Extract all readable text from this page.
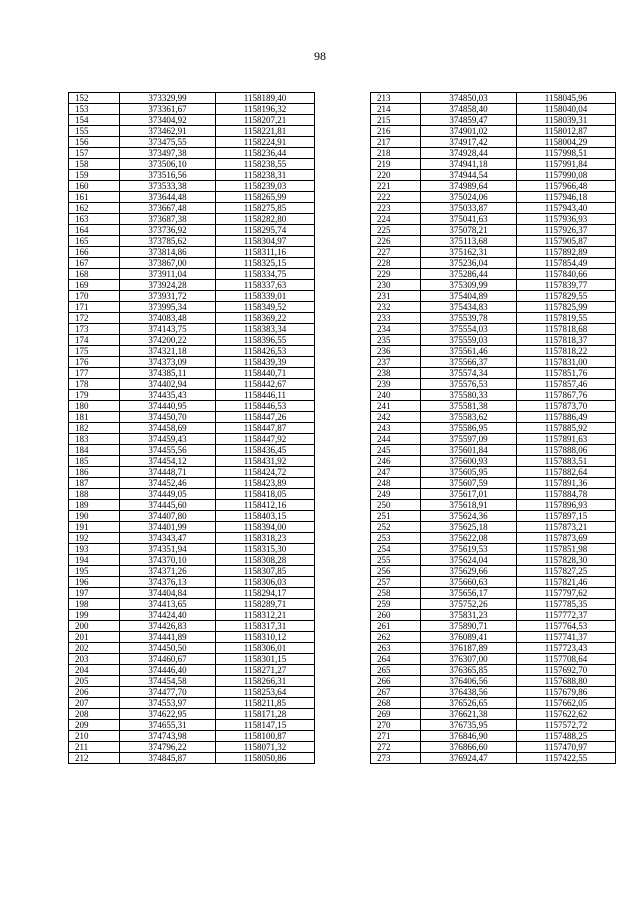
98
152	373329,99	1158189,40
153	373361,67	1158196,32
154	373404,92	1158207,21
155	373462,91	1158221,81
156	373475,55	1158224,91
157	373497,38	1158236,44
158	373506,10	1158238,55
159	373516,56	1158238,31
160	373533,38	1158239,03
161	373644,48	1158265,99
162	373667,48	1158275,85
163	373687,38	1158282,80
164	373736,92	1158295,74
165	373785,62	1158304,97
166	373814,86	1158311,16
167	373867,00	1158325,15
168	373911,04	1158334,75
169	373924,28	1158337,63
170	373931,72	1158339,01
171	373995,34	1158349,52
172	374083,48	1158369,22
173	374143,75	1158383,34
174	374200,22	1158396,55
175	374321,18	1158426,53
176	374373,09	1158439,39
177	374385,11	1158440,71
178	374402,94	1158442,67
179	374435,43	1158446,11
180	374440,95	1158446,53
181	374450,70	1158447,26
182	374458,69	1158447,87
183	374459,43	1158447,92
184	374455,56	1158436,45
185	374454,12	1158431,92
186	374448,71	1158424,72
187	374452,46	1158423,89
188	374449,05	1158418,05
189	374445,60	1158412,16
190	374407,80	1158403,15
191	374401,99	1158394,00
192	374343,47	1158318,23
193	374351,94	1158315,30
194	374370,10	1158308,28
195	374371,26	1158307,85
196	374376,13	1158306,03
197	374404,84	1158294,17
198	374413,65	1158289,71
199	374424,40	1158312,21
200	374426,83	1158317,31
201	374441,89	1158310,12
202	374450,50	1158306,01
203	374460,67	1158301,15
204	374446,40	1158271,27
205	374454,58	1158266,31
206	374477,70	1158253,64
207	374553,97	1158211,85
208	374622,95	1158171,28
209	374655,31	1158147,15
210	374743,98	1158100,87
211	374796,22	1158071,32
212	374845,87	1158050,86
213	374850,03	1158045,96
214	374858,40	1158040,04
215	374859,47	1158039,31
216	374901,02	1158012,87
217	374917,42	1158004,29
218	374928,44	1157998,51
219	374941,18	1157991,84
220	374944,54	1157990,08
221	374989,64	1157966,48
222	375024,06	1157946,18
223	375033,87	1157943,40
224	375041,63	1157936,93
225	375078,21	1157926,37
226	375113,68	1157905,87
227	375162,31	1157892,89
228	375236,04	1157854,49
229	375286,44	1157840,66
230	375309,99	1157839,77
231	375404,89	1157829,55
232	375434,83	1157825,99
233	375539,78	1157819,55
234	375554,03	1157818,68
235	375559,03	1157818,37
236	375561,46	1157818,22
237	375566,37	1157831,00
238	375574,34	1157851,76
239	375576,53	1157857,46
240	375580,33	1157867,76
241	375581,38	1157873,70
242	375583,62	1157886,49
243	375586,95	1157885,92
244	375597,09	1157891,63
245	375601,84	1157888,06
246	375600,93	1157883,51
247	375605,95	1157882,64
248	375607,59	1157891,36
249	375617,01	1157884,78
250	375618,91	1157896,93
251	375624,36	1157897,15
252	375625,18	1157873,21
253	375622,08	1157873,69
254	375619,53	1157851,98
255	375624,04	1157828,30
256	375629,66	1157827,25
257	375660,63	1157821,46
258	375656,17	1157797,62
259	375752,26	1157785,35
260	375831,23	1157772,37
261	375890,71	1157764,53
262	376089,41	1157741,37
263	376187,89	1157723,43
264	376307,00	1157708,64
265	376365,85	1157692,70
266	376406,56	1157688,80
267	376438,56	1157679,86
268	376526,65	1157662,05
269	376621,38	1157622,62
270	376735,95	1157572,72
271	376846,90	1157488,25
272	376866,60	1157470,97
273	376924,47	1157422,55
